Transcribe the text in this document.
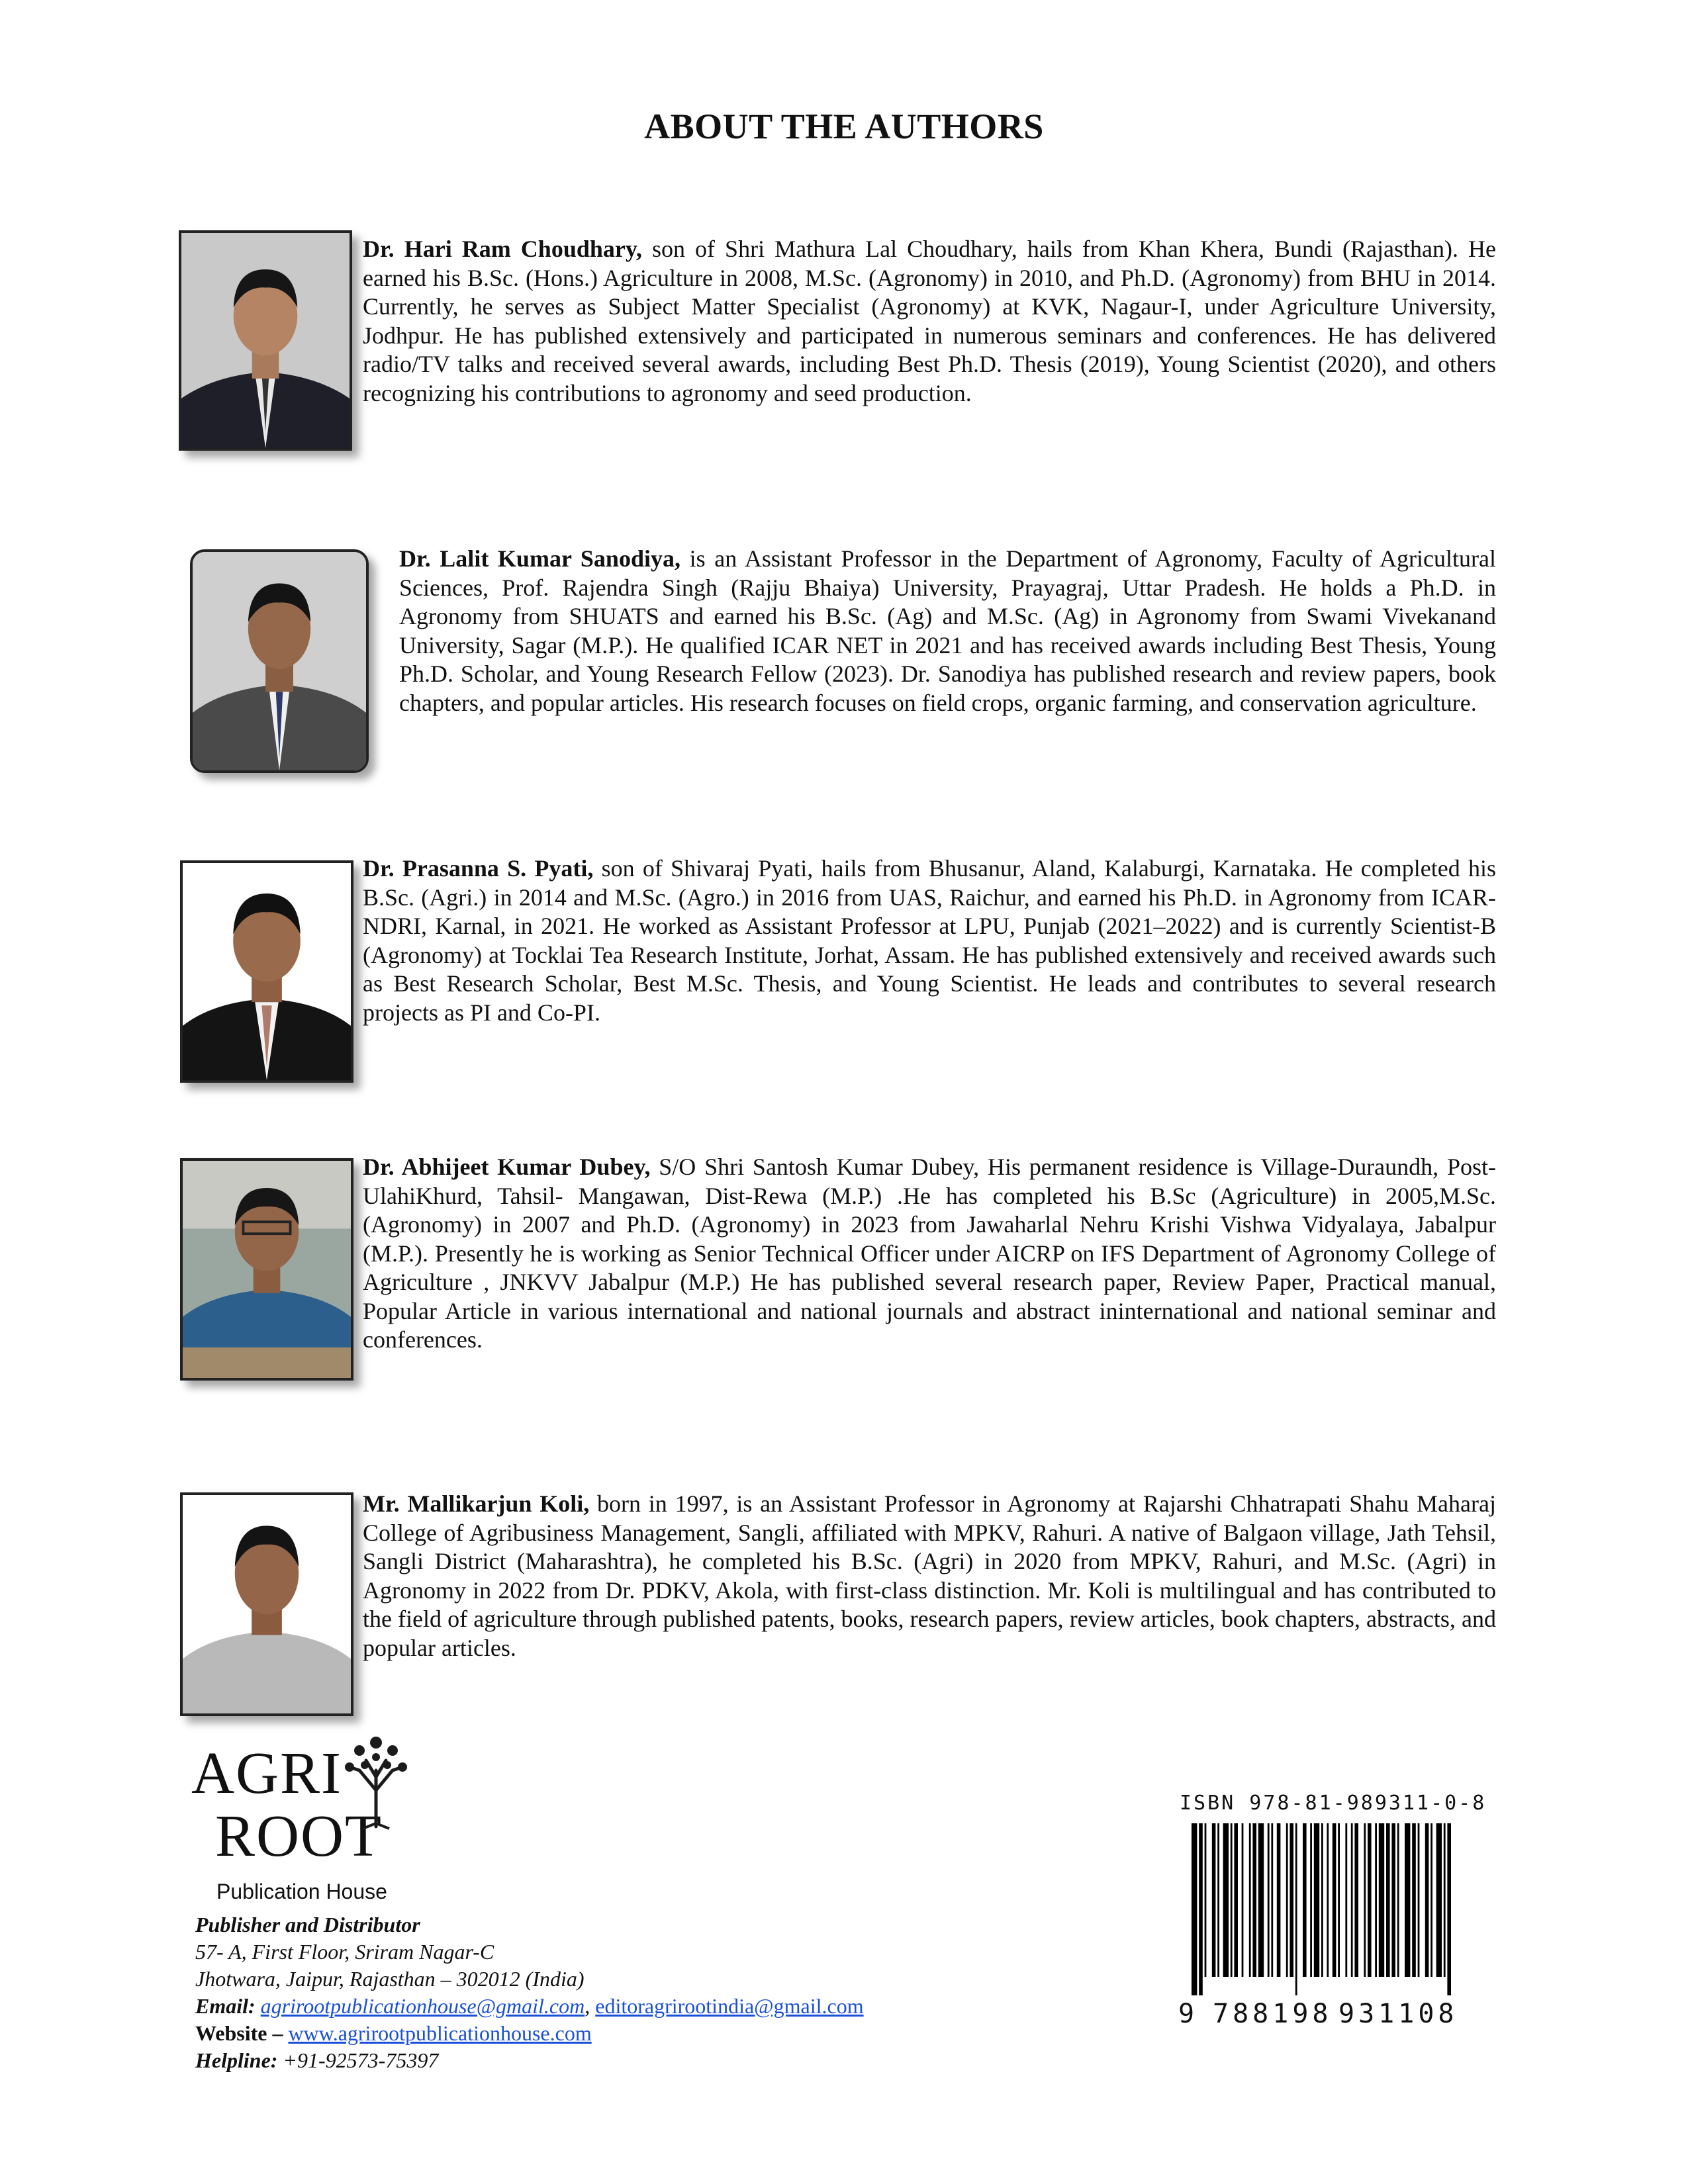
ABOUT THE AUTHORS
Dr. Hari Ram Choudhary, son of Shri Mathura Lal Choudhary, hails from Khan Khera, Bundi (Rajasthan). He earned his B.Sc. (Hons.) Agriculture in 2008, M.Sc. (Agronomy) in 2010, and Ph.D. (Agronomy) from BHU in 2014. Currently, he serves as Subject Matter Specialist (Agronomy) at KVK, Nagaur-I, under Agriculture University, Jodhpur. He has published extensively and participated in numerous seminars and conferences. He has delivered radio/TV talks and received several awards, including Best Ph.D. Thesis (2019), Young Scientist (2020), and others recognizing his contributions to agronomy and seed production.
Dr. Lalit Kumar Sanodiya, is an Assistant Professor in the Department of Agronomy, Faculty of Agricultural Sciences, Prof. Rajendra Singh (Rajju Bhaiya) University, Prayagraj, Uttar Pradesh. He holds a Ph.D. in Agronomy from SHUATS and earned his B.Sc. (Ag) and M.Sc. (Ag) in Agronomy from Swami Vivekanand University, Sagar (M.P.). He qualified ICAR NET in 2021 and has received awards including Best Thesis, Young Ph.D. Scholar, and Young Research Fellow (2023). Dr. Sanodiya has published research and review papers, book chapters, and popular articles. His research focuses on field crops, organic farming, and conservation agriculture.
Dr. Prasanna S. Pyati, son of Shivaraj Pyati, hails from Bhusanur, Aland, Kalaburgi, Karnataka. He completed his B.Sc. (Agri.) in 2014 and M.Sc. (Agro.) in 2016 from UAS, Raichur, and earned his Ph.D. in Agronomy from ICAR-NDRI, Karnal, in 2021. He worked as Assistant Professor at LPU, Punjab (2021–2022) and is currently Scientist-B (Agronomy) at Tocklai Tea Research Institute, Jorhat, Assam. He has published extensively and received awards such as Best Research Scholar, Best M.Sc. Thesis, and Young Scientist. He leads and contributes to several research projects as PI and Co-PI.
Dr. Abhijeet Kumar Dubey, S/O Shri Santosh Kumar Dubey, His permanent residence is Village-Duraundh, Post-UlahiKhurd, Tahsil- Mangawan, Dist-Rewa (M.P.) .He has completed his B.Sc (Agriculture) in 2005,M.Sc.(Agronomy) in 2007 and Ph.D. (Agronomy) in 2023 from Jawaharlal Nehru Krishi Vishwa Vidyalaya, Jabalpur (M.P.). Presently he is working as Senior Technical Officer under AICRP on IFS Department of Agronomy College of Agriculture , JNKVV Jabalpur (M.P.) He has published several research paper, Review Paper, Practical manual, Popular Article in various international and national journals and abstract ininternational and national seminar and conferences.
Mr. Mallikarjun Koli, born in 1997, is an Assistant Professor in Agronomy at Rajarshi Chhatrapati Shahu Maharaj College of Agribusiness Management, Sangli, affiliated with MPKV, Rahuri. A native of Balgaon village, Jath Tehsil, Sangli District (Maharashtra), he completed his B.Sc. (Agri) in 2020 from MPKV, Rahuri, and M.Sc. (Agri) in Agronomy in 2022 from Dr. PDKV, Akola, with first-class distinction. Mr. Koli is multilingual and has contributed to the field of agriculture through published patents, books, research papers, review articles, book chapters, abstracts, and popular articles.
AGRI
ROOT
Publication House
Publisher and Distributor
57- A, First Floor, Sriram Nagar-C
Jhotwara, Jaipur, Rajasthan – 302012 (India)
Email: agrirootpublicationhouse@gmail.com, editoragrirootindia@gmail.com
Website – www.agrirootpublicationhouse.com
Helpline: +91-92573-75397
ISBN 978-81-989311-0-8
9 788198 931108
